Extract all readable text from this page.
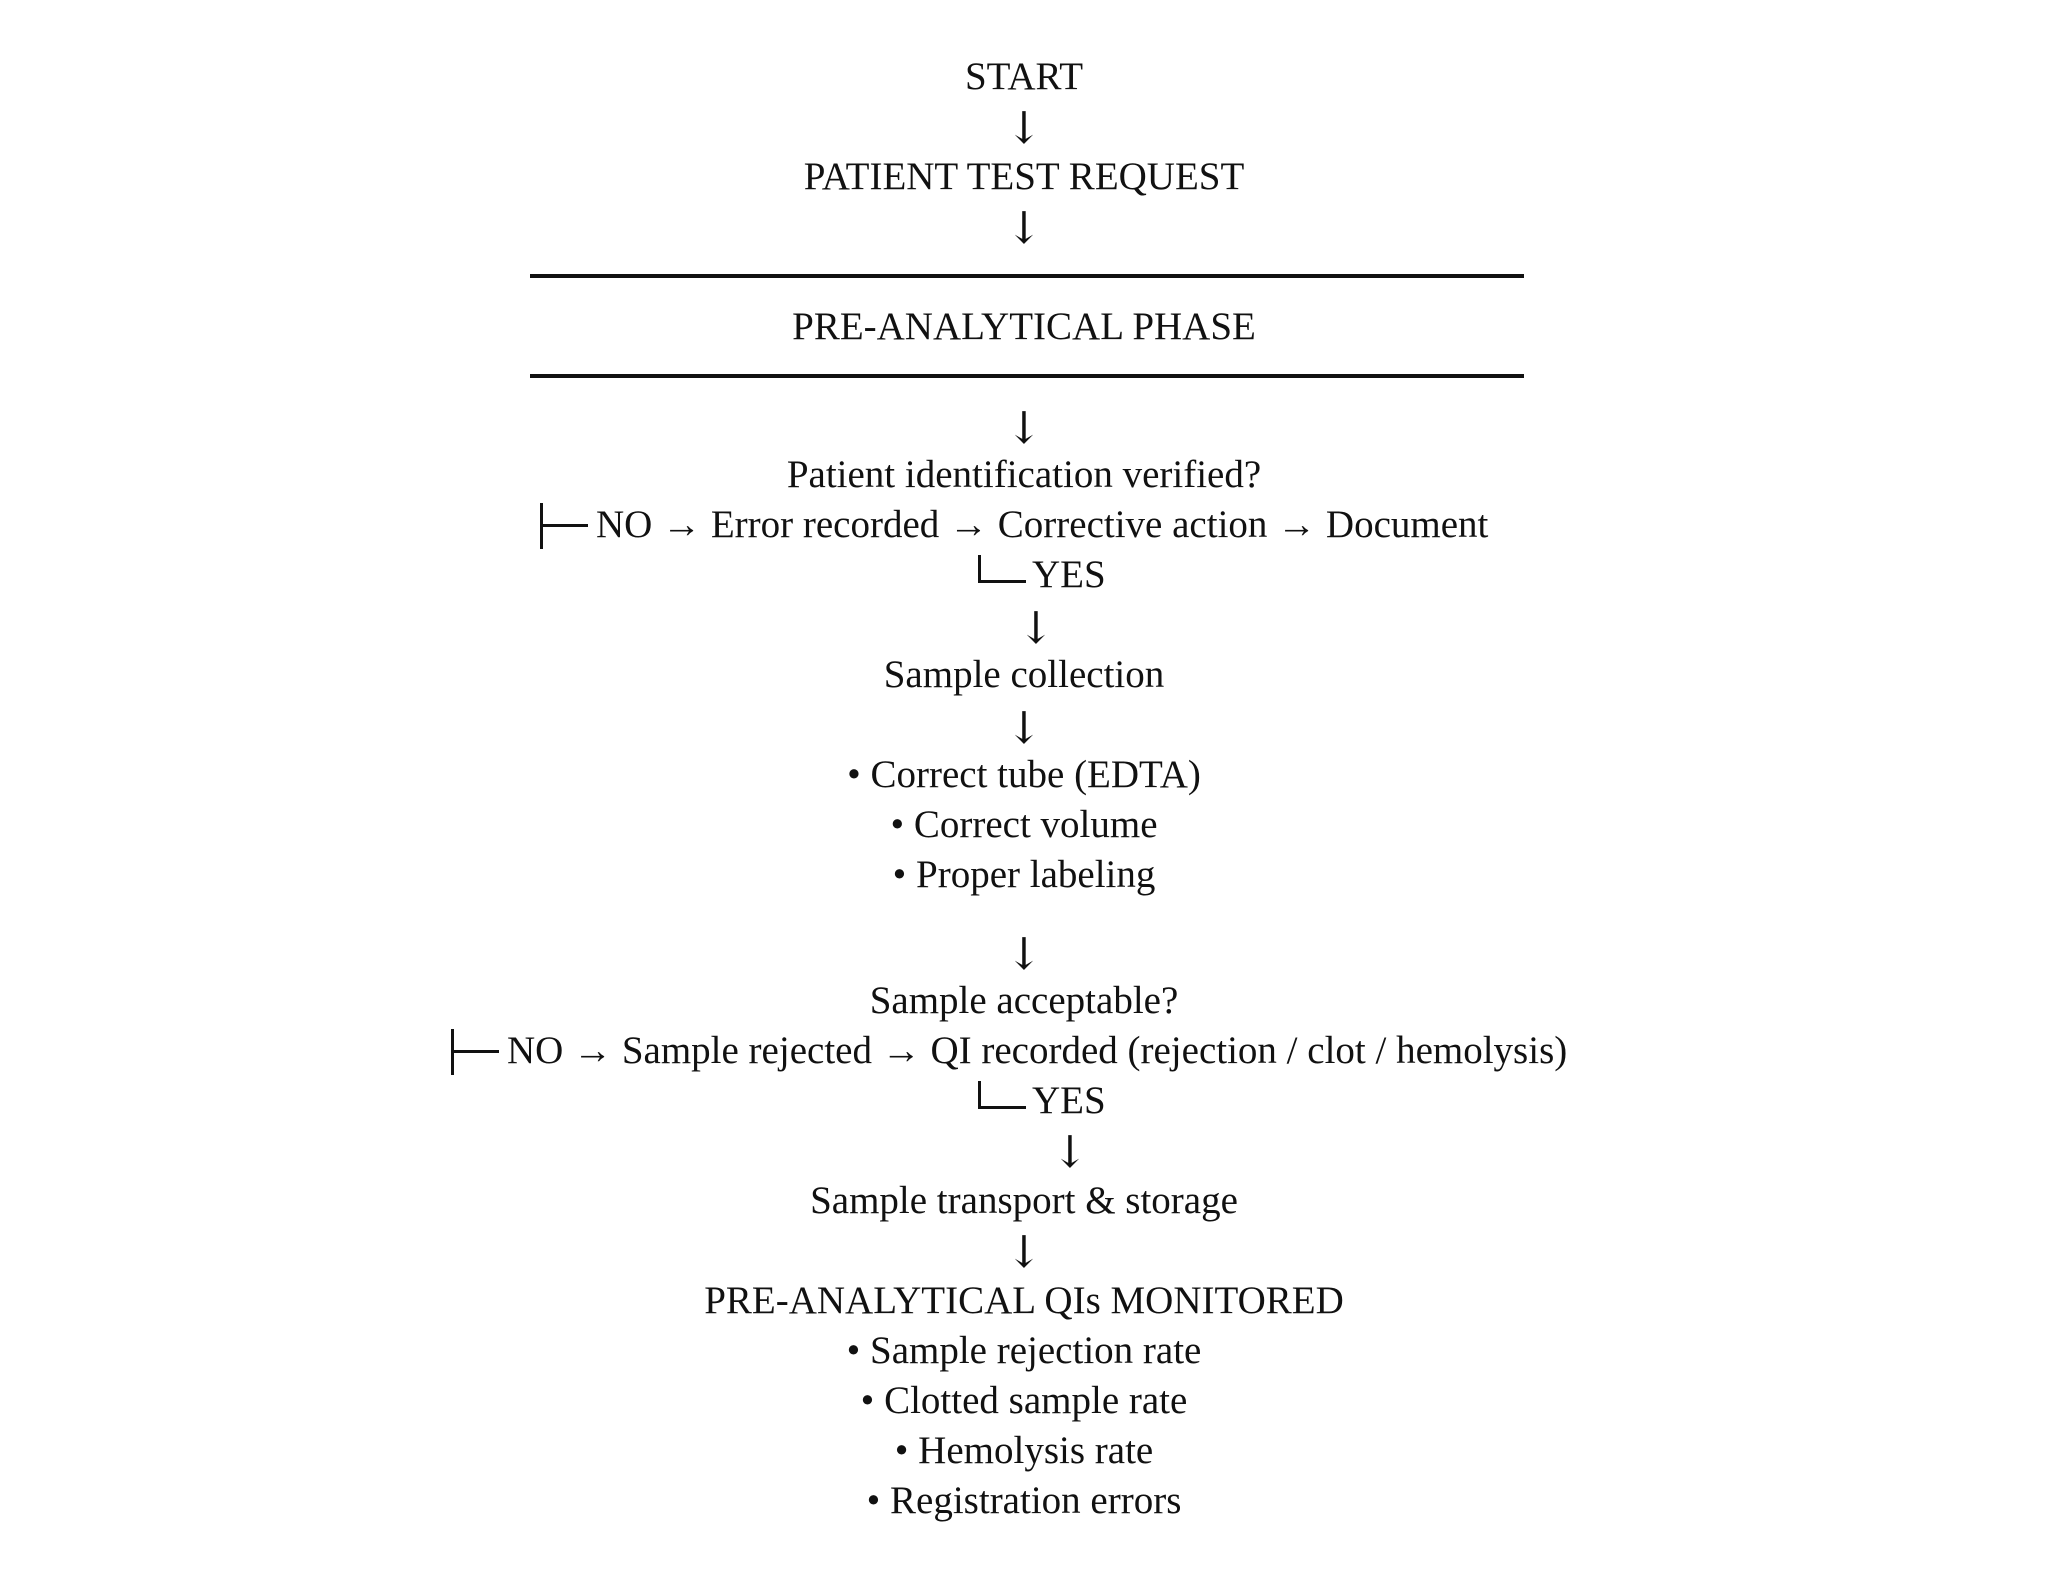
START
↓
PATIENT TEST REQUEST
↓
PRE-ANALYTICAL PHASE
↓
Patient identification verified?
NO → Error recorded → Corrective action → Document
YES
↓
Sample collection
↓
• Correct tube (EDTA)
• Correct volume
• Proper labeling
↓
Sample acceptable?
NO → Sample rejected → QI recorded (rejection / clot / hemolysis)
YES
↓
Sample transport & storage
↓
PRE-ANALYTICAL QIs MONITORED
• Sample rejection rate
• Clotted sample rate
• Hemolysis rate
• Registration errors
